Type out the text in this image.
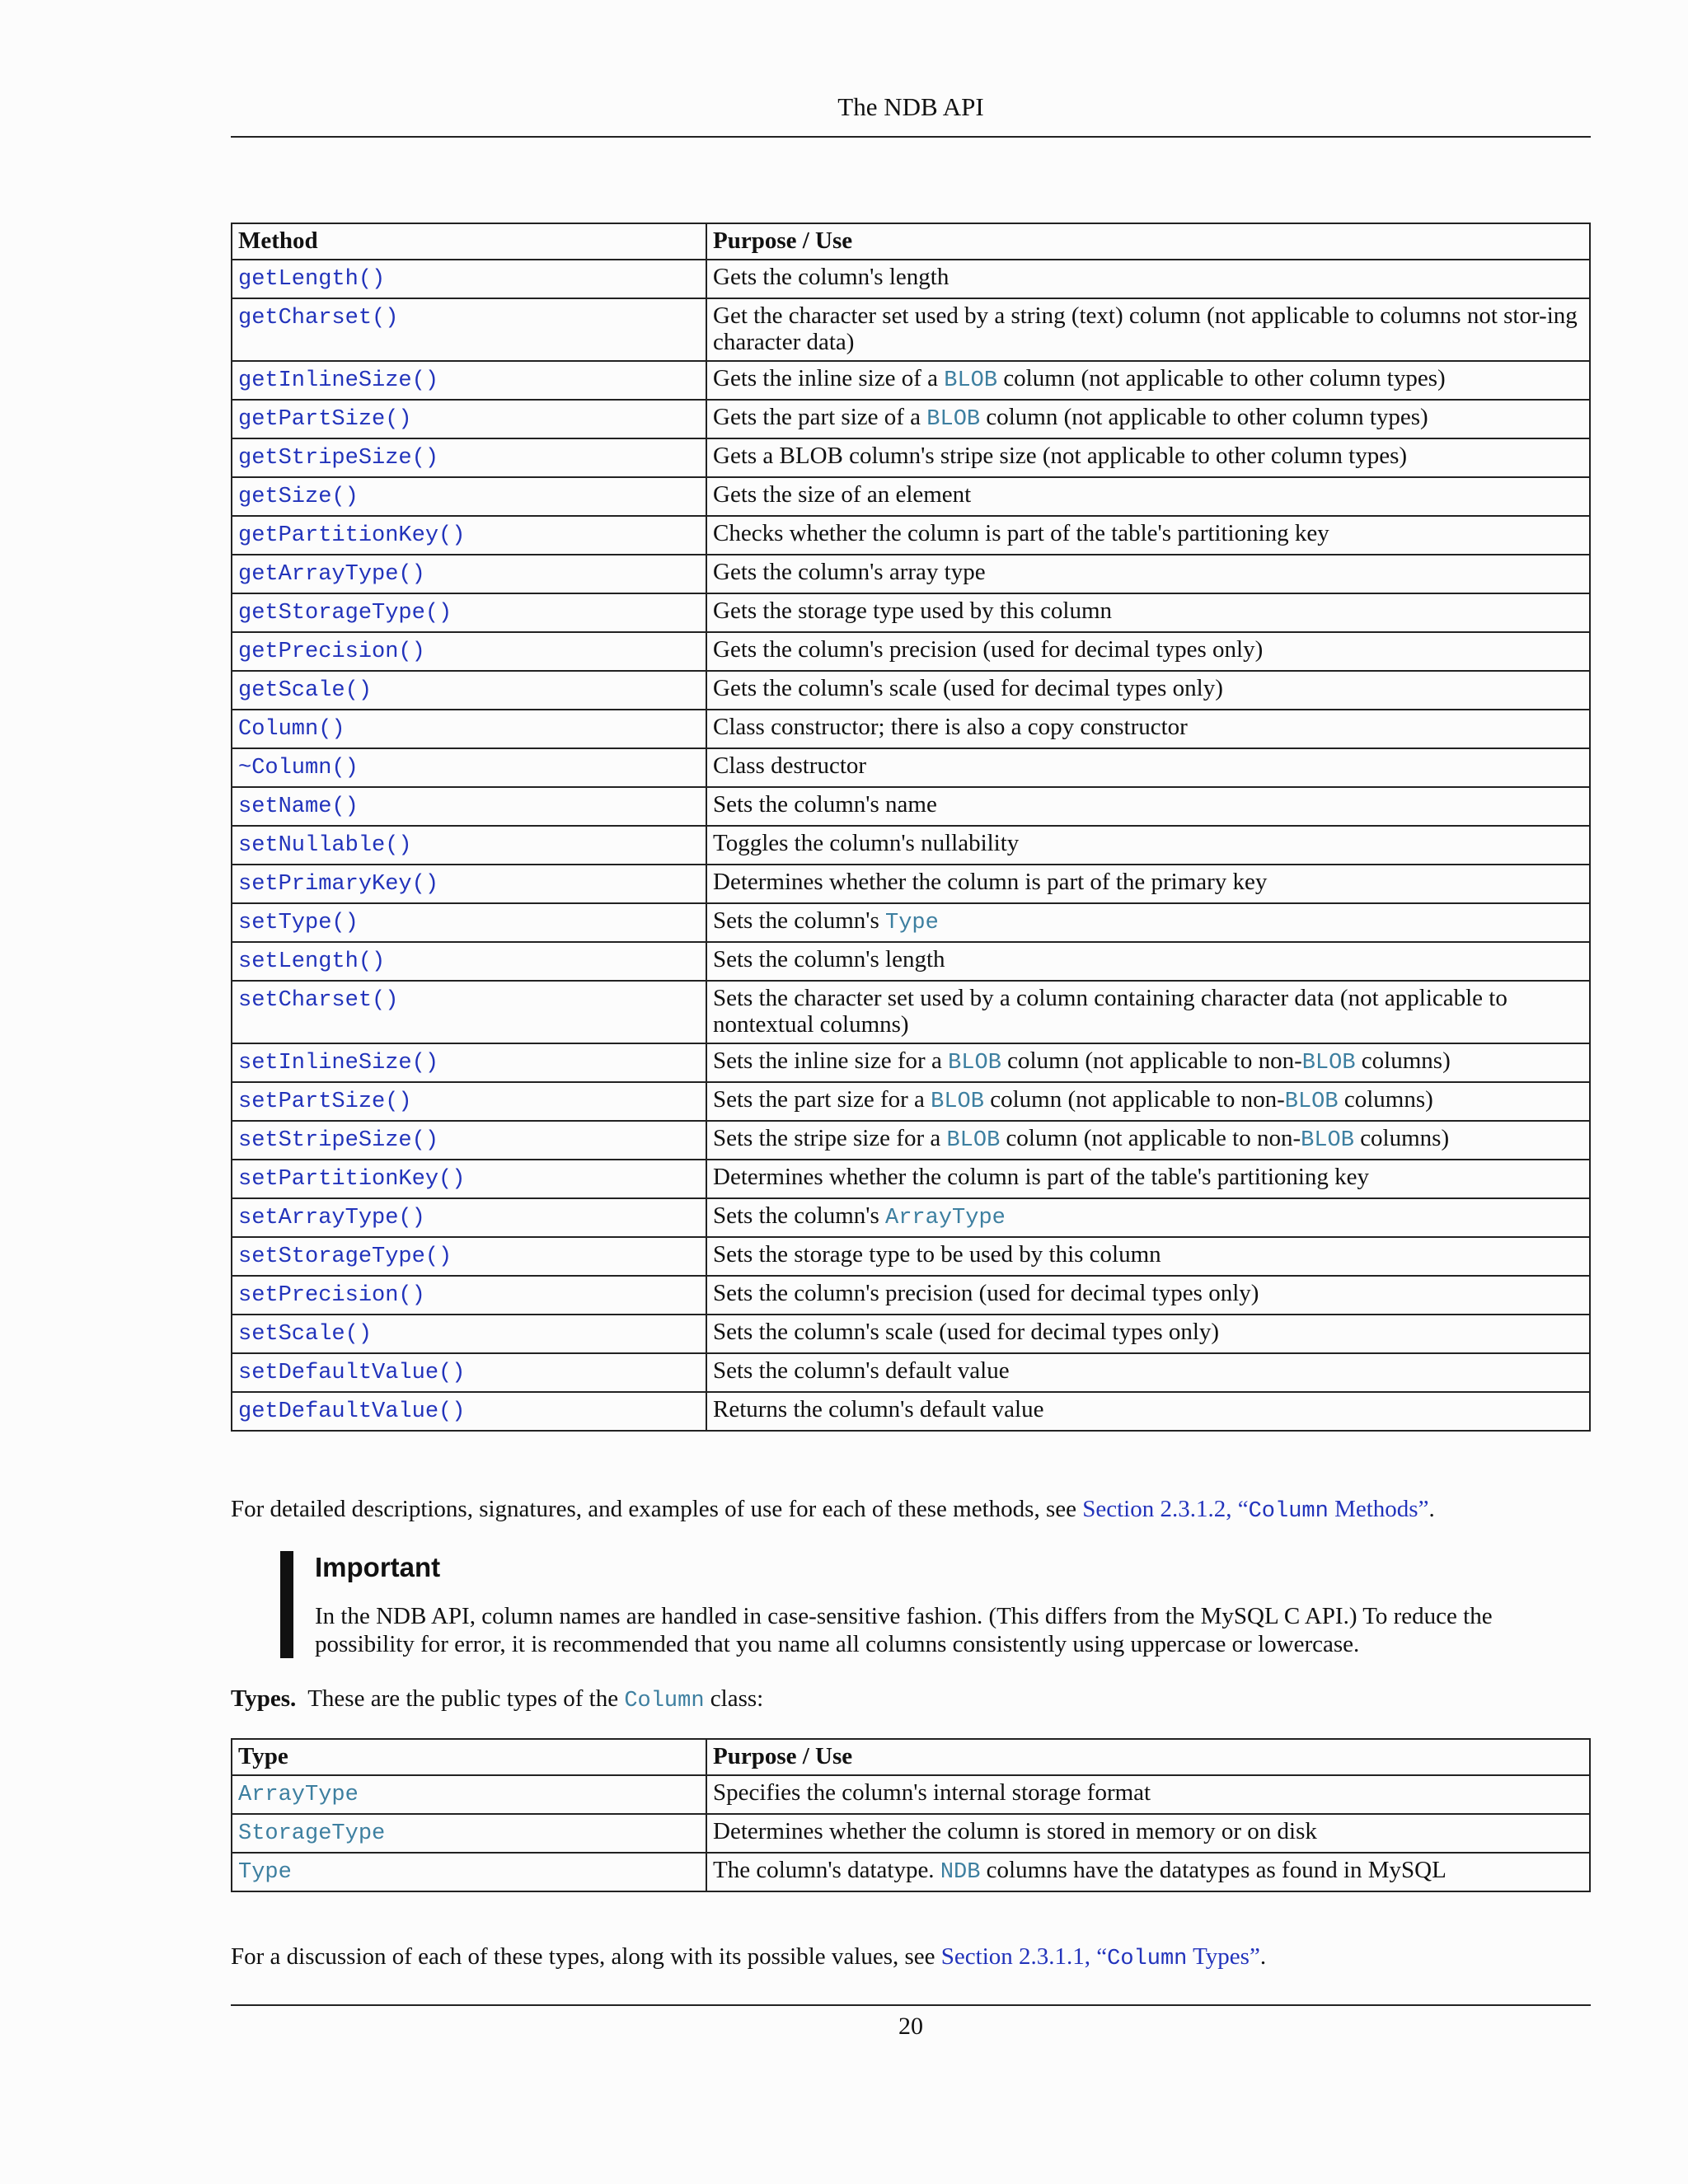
The NDB API
Method	Purpose / Use
getLength()	Gets the column's length
getCharset()	Get the character set used by a string (text) column (not applicable to columns not stor-ing character data)
getInlineSize()	Gets the inline size of a BLOB column (not applicable to other column types)
getPartSize()	Gets the part size of a BLOB column (not applicable to other column types)
getStripeSize()	Gets a BLOB column's stripe size (not applicable to other column types)
getSize()	Gets the size of an element
getPartitionKey()	Checks whether the column is part of the table's partitioning key
getArrayType()	Gets the column's array type
getStorageType()	Gets the storage type used by this column
getPrecision()	Gets the column's precision (used for decimal types only)
getScale()	Gets the column's scale (used for decimal types only)
Column()	Class constructor; there is also a copy constructor
~Column()	Class destructor
setName()	Sets the column's name
setNullable()	Toggles the column's nullability
setPrimaryKey()	Determines whether the column is part of the primary key
setType()	Sets the column's Type
setLength()	Sets the column's length
setCharset()	Sets the character set used by a column containing character data (not applicable to nontextual columns)
setInlineSize()	Sets the inline size for a BLOB column (not applicable to non-BLOB columns)
setPartSize()	Sets the part size for a BLOB column (not applicable to non-BLOB columns)
setStripeSize()	Sets the stripe size for a BLOB column (not applicable to non-BLOB columns)
setPartitionKey()	Determines whether the column is part of the table's partitioning key
setArrayType()	Sets the column's ArrayType
setStorageType()	Sets the storage type to be used by this column
setPrecision()	Sets the column's precision (used for decimal types only)
setScale()	Sets the column's scale (used for decimal types only)
setDefaultValue()	Sets the column's default value
getDefaultValue()	Returns the column's default value
For detailed descriptions, signatures, and examples of use for each of these methods, see Section 2.3.1.2, “Column Methods”.
Important
In the NDB API, column names are handled in case-sensitive fashion. (This differs from the MySQL C API.) To reduce the possibility for error, it is recommended that you name all columns consistently using uppercase or lowercase.
Types. These are the public types of the Column class:
Type	Purpose / Use
ArrayType	Specifies the column's internal storage format
StorageType	Determines whether the column is stored in memory or on disk
Type	The column's datatype. NDB columns have the datatypes as found in MySQL
For a discussion of each of these types, along with its possible values, see Section 2.3.1.1, “Column Types”.
20
